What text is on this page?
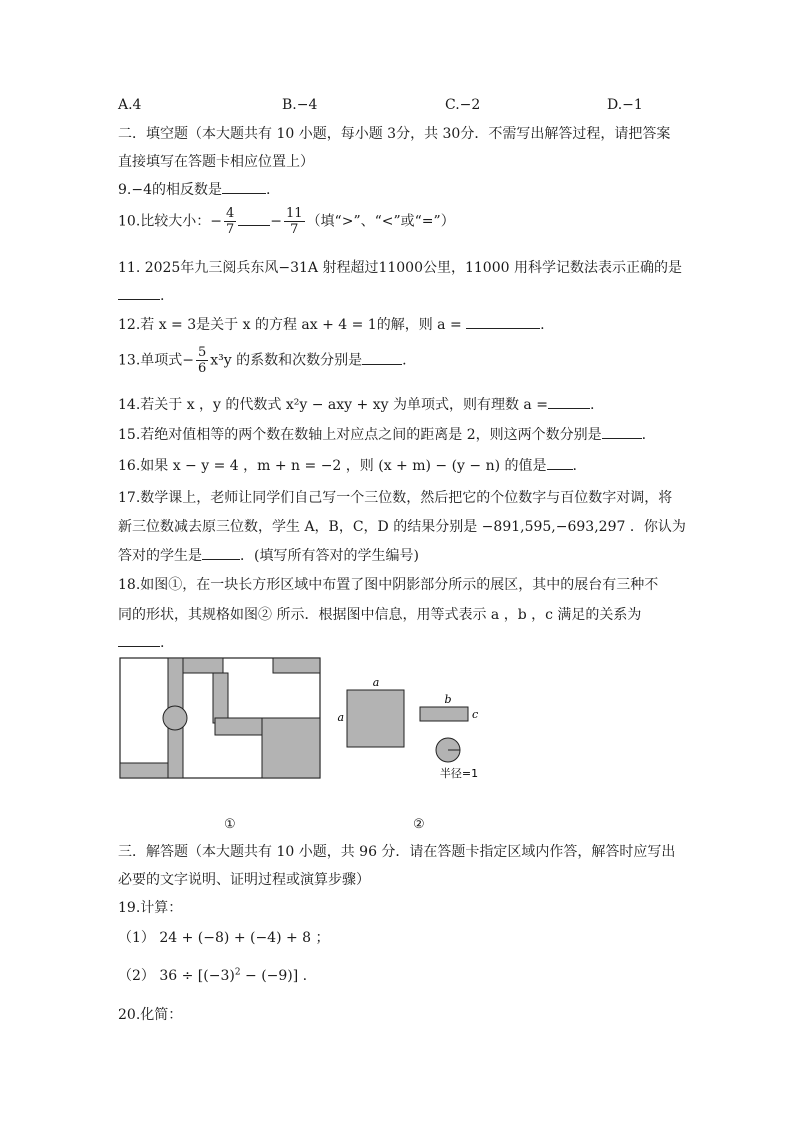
A.4	B.−4	C.−2	D.−1
二．填空题（本大题共有 10 小题，每小题 3分，共 30分．不需写出解答过程，请把答案
直接填写在答题卡相应位置上）
9.−4的相反数是	.
10.比较大小：− $\frac{4}{7} - \frac{11}{7}$ （填“>”、“<”或“=”）
11. 2025年九三阅兵东风−31A 射程超过11000公里，11000 用科学记数法表示正确的是
.
12.若 x = 3是关于 x 的方程 ax + 4 = 1的解，则 a =	.
13.单项式− $\frac{5}{6} x^3y$ 的系数和次数分别是	.
14.若关于 x ，y 的代数式 x²y − axy + xy 为单项式，则有理数 a =	.
15.若绝对值相等的两个数在数轴上对应点之间的距离是 2，则这两个数分别是	.
16.如果 x − y = 4 ，m + n = −2 ，则 (x + m) − (y − n) 的值是 .
17.数学课上，老师让同学们自己写一个三位数，然后把它的个位数字与百位数字对调，将
新三位数减去原三位数，学生 A，B，C，D 的结果分别是 −891,595,−693,297 ．你认为
答对的学生是	．(填写所有答对的学生编号)
18.如图①，在一块长方形区域中布置了图中阴影部分所示的展区，其中的展台有三种不
同的形状，其规格如图② 所示．根据图中信息，用等式表示 a ，b ，c 满足的关系为
.
a
a
b
c
半径=1
①	②
三．解答题（本大题共有 10 小题，共 96 分．请在答题卡指定区域内作答，解答时应写出
必要的文字说明、证明过程或演算步骤）
19.计算：
（1） 24 + (−8) + (−4) + 8 ；
（2） $36 \div [(-3)^2 - (-9)]$ .
20.化简：
